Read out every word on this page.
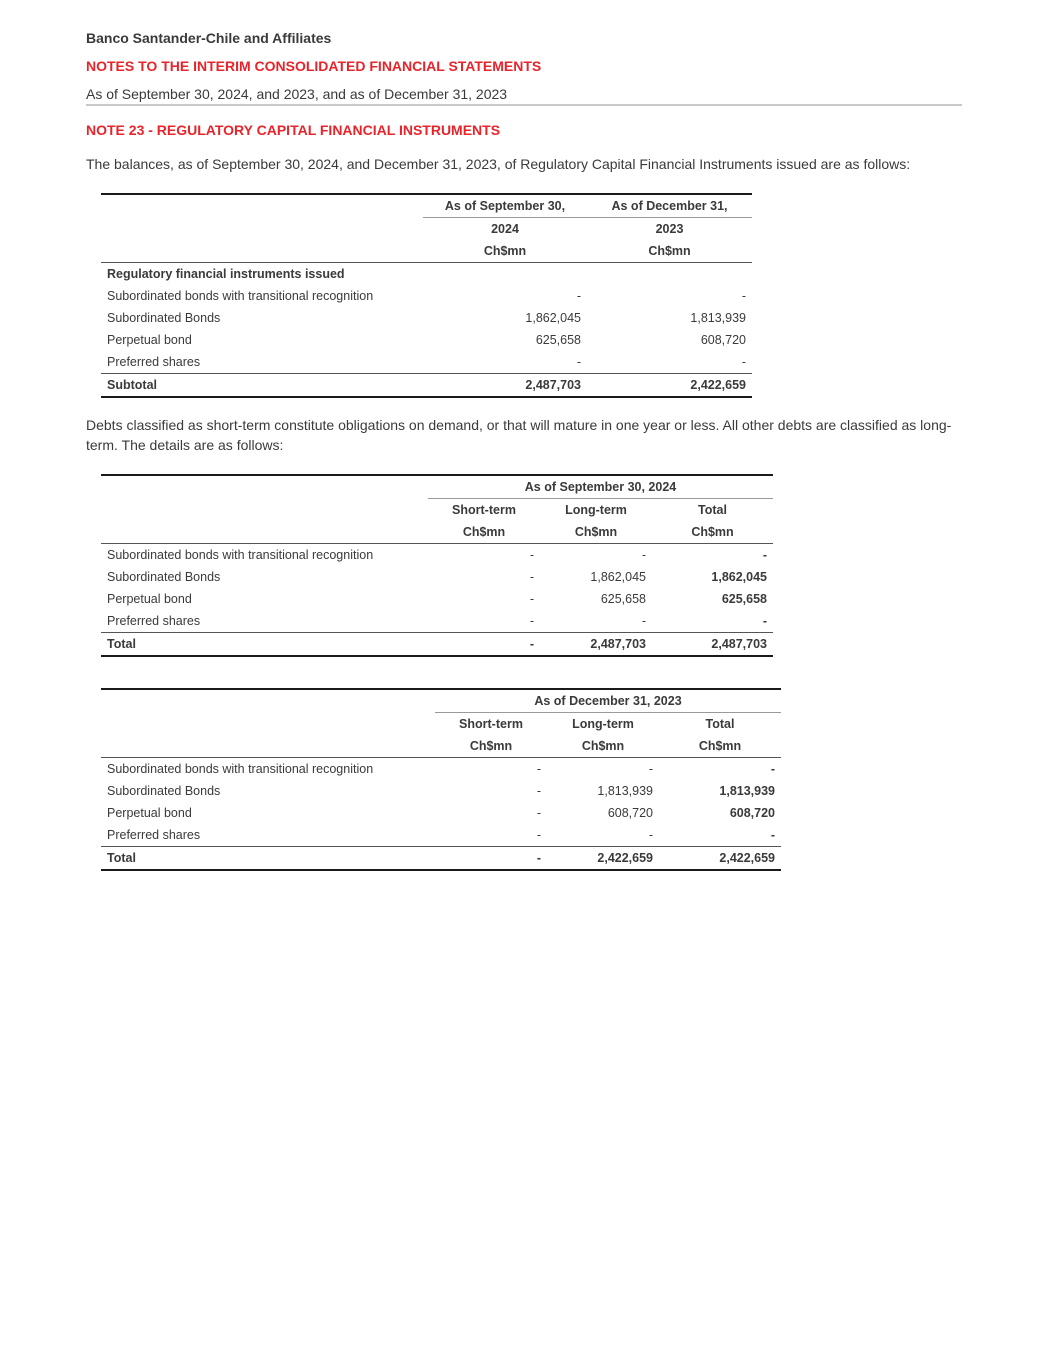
Banco Santander-Chile and Affiliates
NOTES TO THE INTERIM CONSOLIDATED FINANCIAL STATEMENTS
As of September 30, 2024, and 2023, and as of December 31, 2023
NOTE 23 - REGULATORY CAPITAL FINANCIAL INSTRUMENTS
The balances, as of September 30, 2024, and December 31, 2023, of Regulatory Capital Financial Instruments issued are as follows:
	As of September 30,	As of December 31,
	2024	2023
	Ch$mn	Ch$mn
Regulatory financial instruments issued		
Subordinated bonds with transitional recognition	-	-
Subordinated Bonds	1,862,045	1,813,939
Perpetual bond	625,658	608,720
Preferred shares	-	-
Subtotal	2,487,703	2,422,659
Debts classified as short-term constitute obligations on demand, or that will mature in one year or less. All other debts are classified as long-term. The details are as follows:
	As of September 30, 2024		
	Short-term	Long-term	Total
	Ch$mn	Ch$mn	Ch$mn
Subordinated bonds with transitional recognition	-	-	-
Subordinated Bonds	-	1,862,045	1,862,045
Perpetual bond	-	625,658	625,658
Preferred shares	-	-	-
Total	-	2,487,703	2,487,703
	As of December 31, 2023		
	Short-term	Long-term	Total
	Ch$mn	Ch$mn	Ch$mn
Subordinated bonds with transitional recognition	-	-	-
Subordinated Bonds	-	1,813,939	1,813,939
Perpetual bond	-	608,720	608,720
Preferred shares	-	-	-
Total	-	2,422,659	2,422,659
